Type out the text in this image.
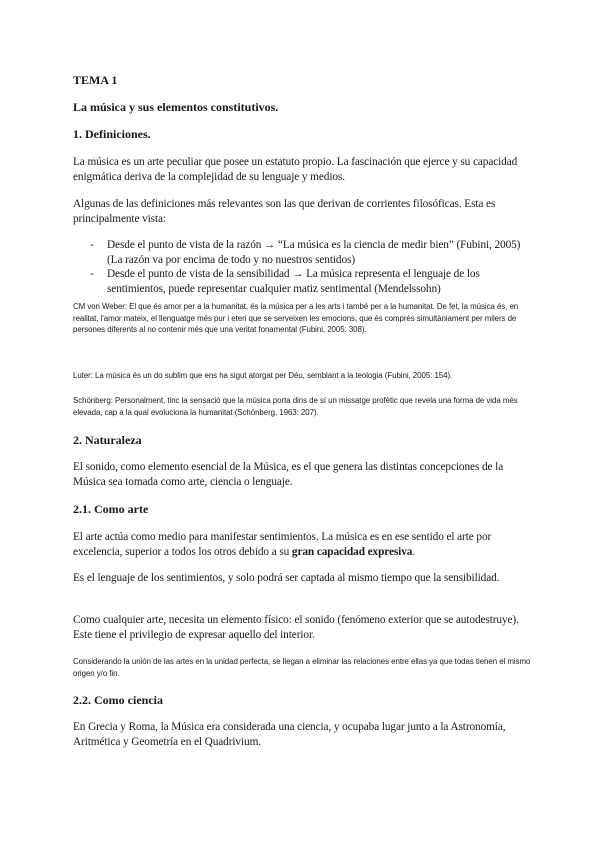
TEMA 1
La música y sus elementos constitutivos.
1. Definiciones.

La música es un arte peculiar que posee un estatuto propio. La fascinación que ejerce y su capacidad enigmática deriva de la complejidad de su lenguaje y medios.

Algunas de las definiciones más relevantes son las que derivan de corrientes filosóficas. Esta es principalmente vista:

- Desde el punto de vista de la razón → “La música es la ciencia de medir bien” (Fubini, 2005) (La razón va por encima de todo y no nuestros sentidos)
- Desde el punto de vista de la sensibilidad → La música representa el lenguaje de los sentimientos, puede representar cualquier matiz sentimental (Mendelssohn)

CM von Weber: El que és amor per a la humanitat, és la música per a les arts i també per a la humanitat. De fet, la música és, en realitat, l'amor mateix, el llenguatge més pur i eteri que se serveixen les emocions, que és comprès simultàniament per milers de persones diferents al no contenir més que una veritat fonamental (Fubini, 2005: 308).

Luter: La música és un do sublim que ens ha sigut atorgat per Déu, semblant a la teologia (Fubini, 2005: 154).

Schönberg: Personalment, tinc la sensació que la música porta dins de sí un missatge profètic que revela una forma de vida més elevada, cap a la qual evoluciona la humanitat (Schönberg, 1963: 207).

2. Naturaleza

El sonido, como elemento esencial de la Música, es el que genera las distintas concepciones de la Música sea tomada como arte, ciencia o lenguaje.

2.1. Como arte

El arte actúa como medio para manifestar sentimientos. La música es en ese sentido el arte por excelencia, superior a todos los otros debido a su gran capacidad expresiva.

Es el lenguaje de los sentimientos, y solo podrá ser captada al mismo tiempo que la sensibilidad.

Como cualquier arte, necesita un elemento físico: el sonido (fenómeno exterior que se autodestruye). Este tiene el privilegio de expresar aquello del interior.

Considerando la unión de las artes en la unidad perfecta, se llegan a eliminar las relaciones entre ellas ya que todas tienen el mismo origen y/o fin.

2.2. Como ciencia

En Grecia y Roma, la Música era considerada una ciencia, y ocupaba lugar junto a la Astronomía, Aritmética y Geometría en el Quadrivium.
